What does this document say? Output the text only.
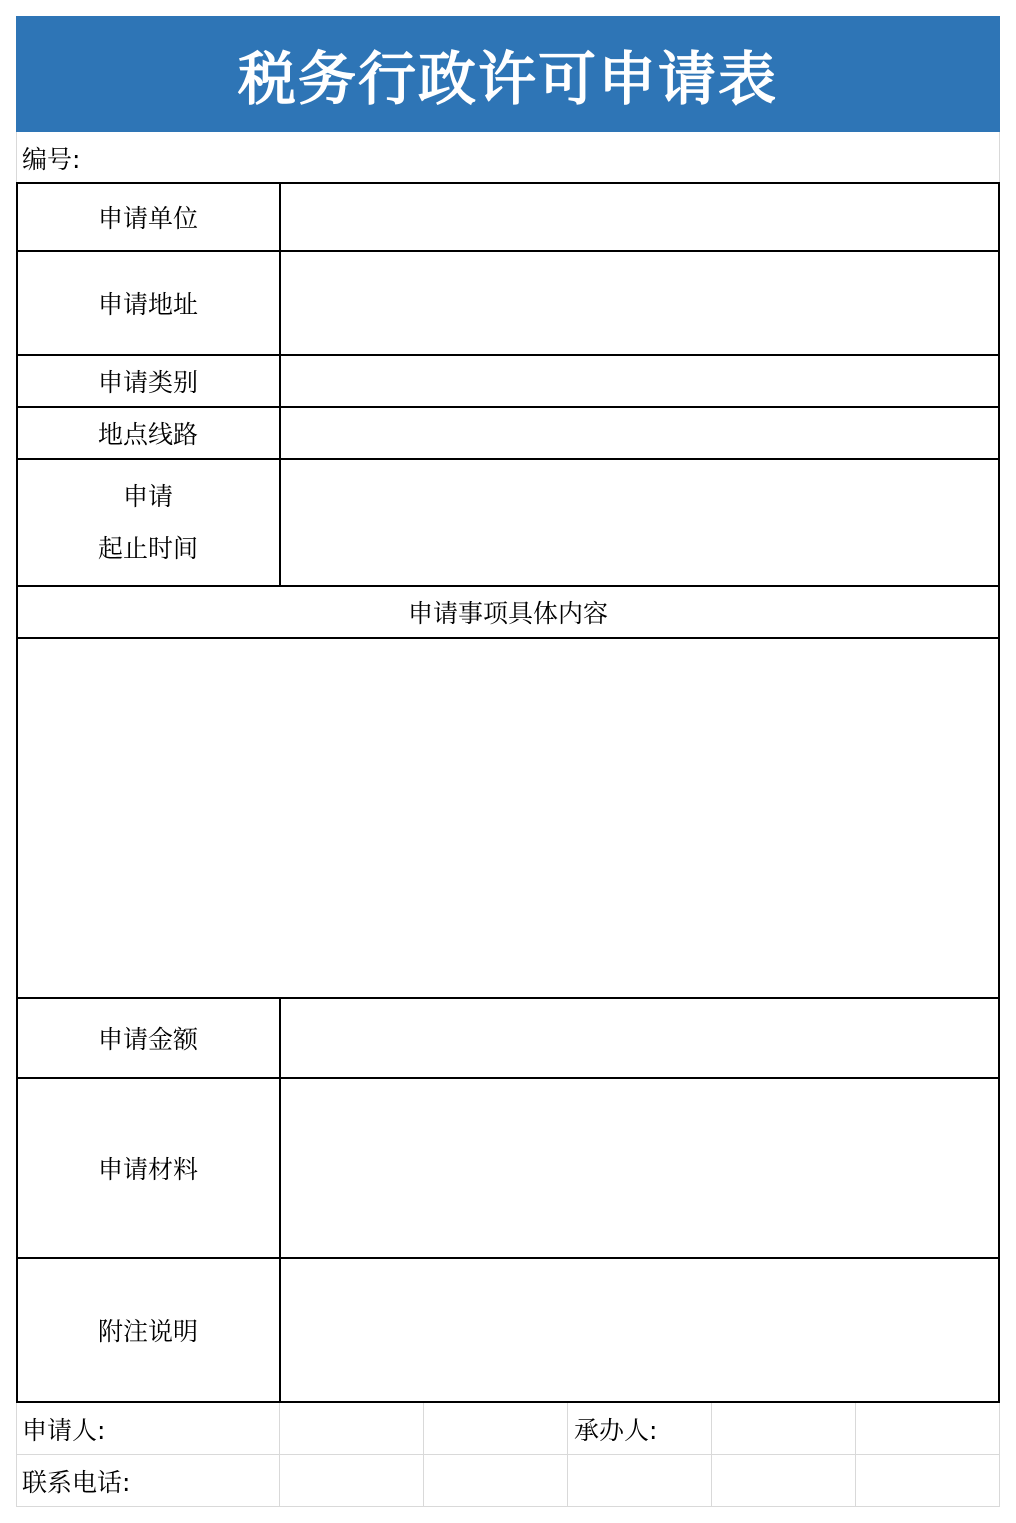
税务行政许可申请表
编号:
申请单位
申请地址
申请类别
地点线路
申请
起止时间
申请事项具体内容
申请金额
申请材料
附注说明
申请人:	承办人:
联系电话:
